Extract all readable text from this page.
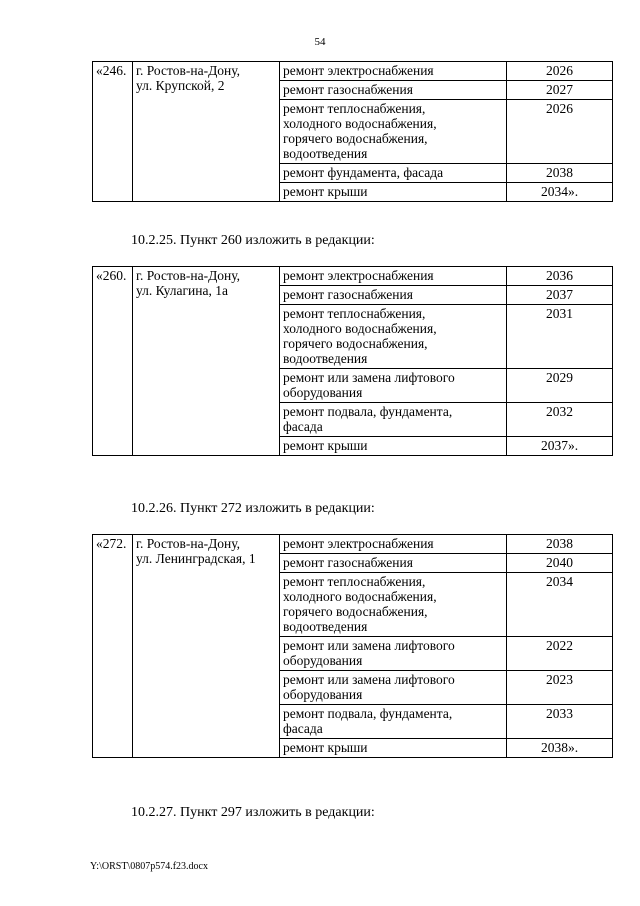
54
«246.	г. Ростов-на-Дону,
ул. Крупской, 2	ремонт электроснабжения	2026

		ремонт газоснабжения	2027

		ремонт теплоснабжения,
холодного водоснабжения,
горячего водоснабжения,
водоотведения	2026

		ремонт фундамента, фасада	2038

		ремонт крыши	2034».
10.2.25. Пункт 260 изложить в редакции:
«260.	г. Ростов-на-Дону,
ул. Кулагина, 1а	ремонт электроснабжения	2036

		ремонт газоснабжения	2037

		ремонт теплоснабжения,
холодного водоснабжения,
горячего водоснабжения,
водоотведения	2031

		ремонт или замена лифтового
оборудования	2029

		ремонт подвала, фундамента,
фасада	2032

		ремонт крыши	2037».
10.2.26. Пункт 272 изложить в редакции:
«272.	г. Ростов-на-Дону,
ул. Ленинградская, 1	ремонт электроснабжения	2038

		ремонт газоснабжения	2040

		ремонт теплоснабжения,
холодного водоснабжения,
горячего водоснабжения,
водоотведения	2034

		ремонт или замена лифтового
оборудования	2022

		ремонт или замена лифтового
оборудования	2023

		ремонт подвала, фундамента,
фасада	2033

		ремонт крыши	2038».
10.2.27. Пункт 297 изложить в редакции:
Y:\ORST\0807p574.f23.docx
